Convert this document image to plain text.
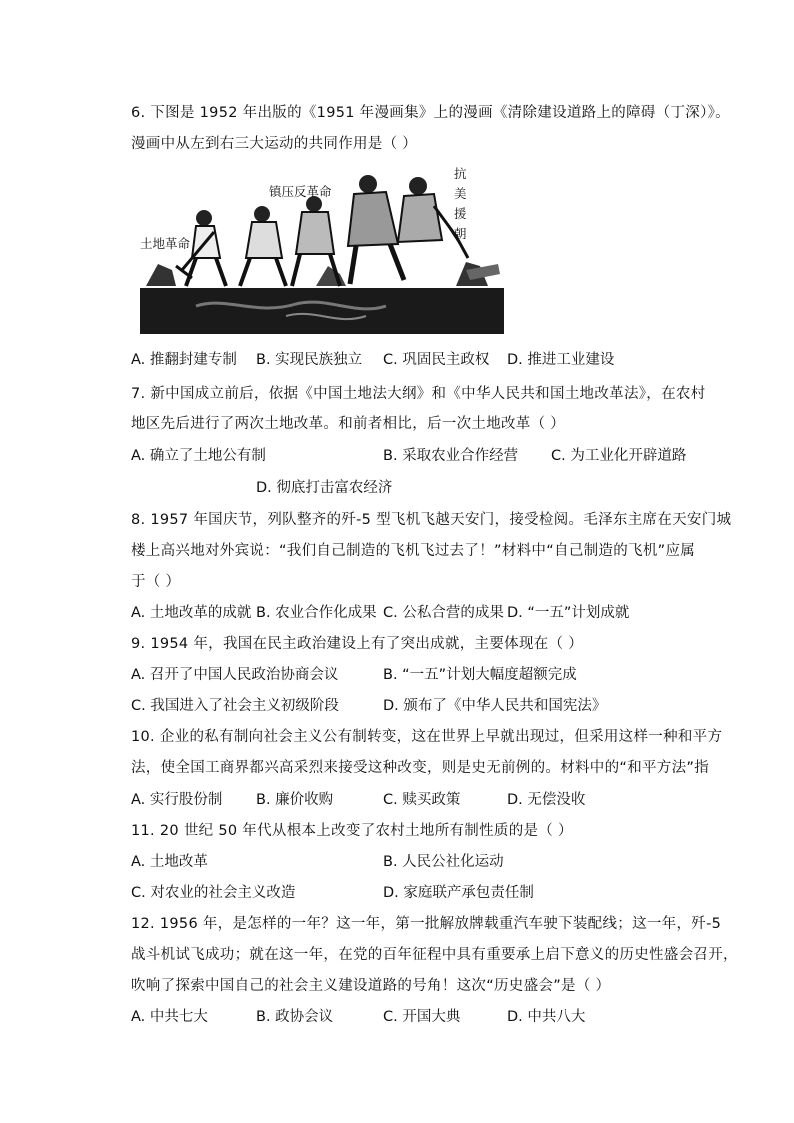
6. 下图是 1952 年出版的《1951 年漫画集》上的漫画《清除建设道路上的障碍（丁深）》。
漫画中从左到右三大运动的共同作用是（ ）
土地革命
镇压反革命
抗
美
援
朝
A. 推翻封建专制 B. 实现民族独立 C. 巩固民主政权 D. 推进工业建设
7. 新中国成立前后，依据《中国土地法大纲》和《中华人民共和国土地改革法》，在农村
地区先后进行了两次土地改革。和前者相比，后一次土地改革（ ）
A. 确立了土地公有制	B. 采取农业合作经营 C. 为工业化开辟道路
D. 彻底打击富农经济
8. 1957 年国庆节，列队整齐的歼-5 型飞机飞越天安门，接受检阅。毛泽东主席在天安门城
楼上高兴地对外宾说：“我们自己制造的飞机飞过去了！”材料中“自己制造的飞机”应属
于（ ）
A. 土地改革的成就 B. 农业合作化成果 C. 公私合营的成果 D. “一五”计划成就
9. 1954 年，我国在民主政治建设上有了突出成就，主要体现在（ ）
A. 召开了中国人民政治协商会议	B. “一五”计划大幅度超额完成
C. 我国进入了社会主义初级阶段	D. 颁布了《中华人民共和国宪法》
10. 企业的私有制向社会主义公有制转变，这在世界上早就出现过，但采用这样一种和平方
法，使全国工商界都兴高采烈来接受这种改变，则是史无前例的。材料中的“和平方法”指
A. 实行股份制 B. 廉价收购	C. 赎买政策	D. 无偿没收
11. 20 世纪 50 年代从根本上改变了农村土地所有制性质的是（ ）
A. 土地改革	B. 人民公社化运动
C. 对农业的社会主义改造	D. 家庭联产承包责任制
12. 1956 年，是怎样的一年？这一年，第一批解放牌载重汽车驶下装配线；这一年，歼-5
战斗机试飞成功；就在这一年，在党的百年征程中具有重要承上启下意义的历史性盛会召开，
吹响了探索中国自己的社会主义建设道路的号角！这次“历史盛会”是（ ）
A. 中共七大	B. 政协会议	C. 开国大典	D. 中共八大
